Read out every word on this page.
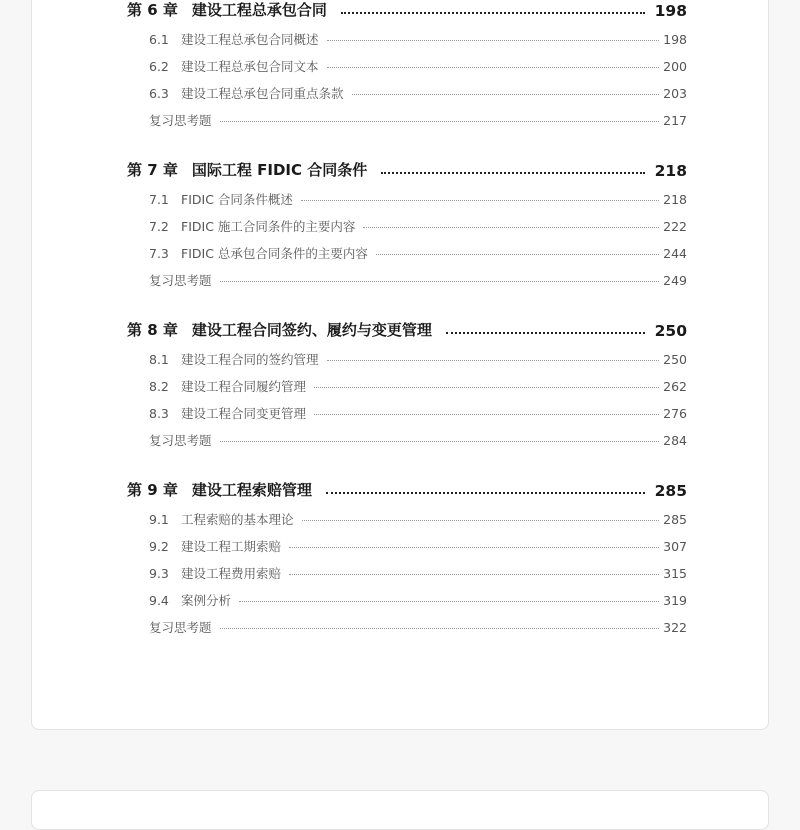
第 6 章 建设工程总承包合同	198
6.1 建设工程总承包合同概述	198
6.2 建设工程总承包合同文本	200
6.3 建设工程总承包合同重点条款	203
复习思考题	217
第 7 章 国际工程 FIDIC 合同条件	218
7.1 FIDIC 合同条件概述	218
7.2 FIDIC 施工合同条件的主要内容	222
7.3 FIDIC 总承包合同条件的主要内容	244
复习思考题	249
第 8 章 建设工程合同签约、履约与变更管理	250
8.1 建设工程合同的签约管理	250
8.2 建设工程合同履约管理	262
8.3 建设工程合同变更管理	276
复习思考题	284
第 9 章 建设工程索赔管理	285
9.1 工程索赔的基本理论	285
9.2 建设工程工期索赔	307
9.3 建设工程费用索赔	315
9.4 案例分析	319
复习思考题	322
